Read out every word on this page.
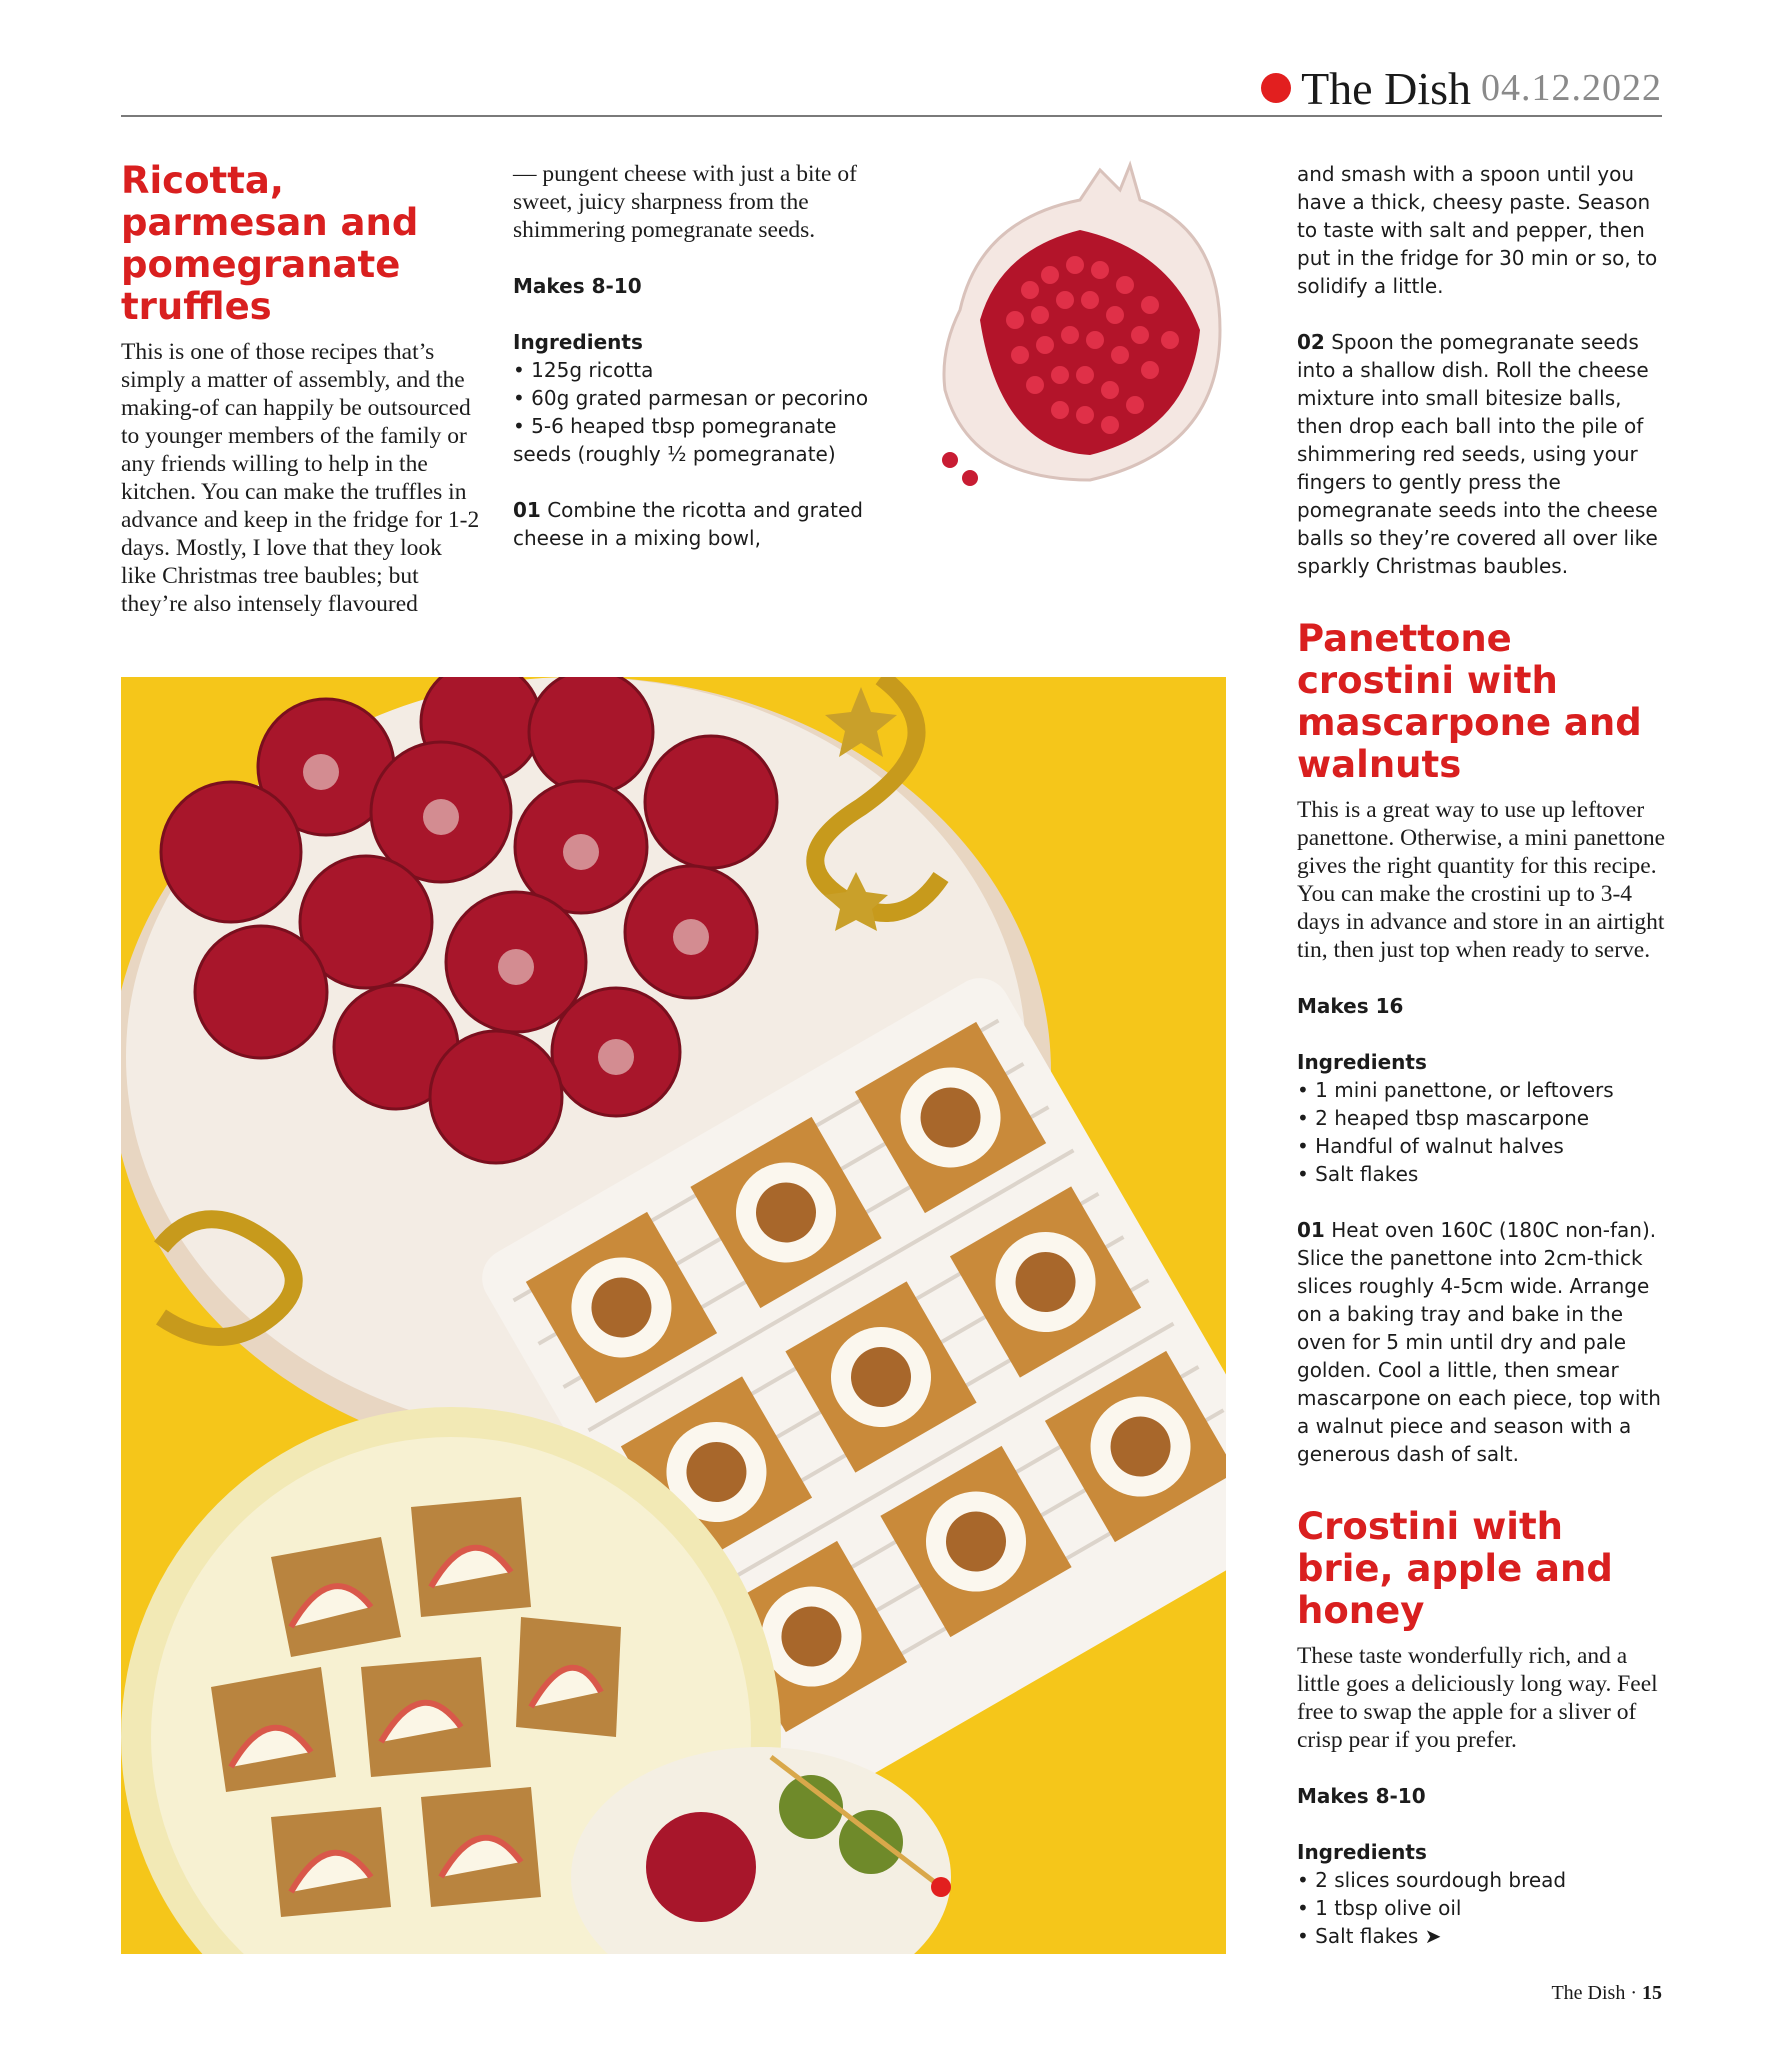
The Dish 04.12.2022
Ricotta, parmesan and pomegranate truffles

This is one of those recipes that’s simply a matter of assembly, and the making-of can happily be outsourced to younger members of the family or any friends willing to help in the kitchen. You can make the truffles in advance and keep in the fridge for 1-2 days. Mostly, I love that they look like Christmas tree baubles; but they’re also intensely flavoured

— pungent cheese with just a bite of sweet, juicy sharpness from the shimmering pomegranate seeds.

Makes 8-10

Ingredients

• 125g ricotta
• 60g grated parmesan or pecorino
• 5-6 heaped tbsp pomegranate seeds (roughly ½ pomegranate)

01 Combine the ricotta and grated cheese in a mixing bowl,

and smash with a spoon until you have a thick, cheesy paste. Season to taste with salt and pepper, then put in the fridge for 30 min or so, to solidify a little.

02 Spoon the pomegranate seeds into a shallow dish. Roll the cheese mixture into small bitesize balls, then drop each ball into the pile of shimmering red seeds, using your fingers to gently press the pomegranate seeds into the cheese balls so they’re covered all over like sparkly Christmas baubles.

Panettone crostini with mascarpone and walnuts

This is a great way to use up leftover panettone. Otherwise, a mini panettone gives the right quantity for this recipe. You can make the crostini up to 3-4 days in advance and store in an airtight tin, then just top when ready to serve.

Makes 16

Ingredients

• 1 mini panettone, or leftovers
• 2 heaped tbsp mascarpone
• Handful of walnut halves
• Salt flakes

01 Heat oven 160C (180C non-fan). Slice the panettone into 2cm-thick slices roughly 4-5cm wide. Arrange on a baking tray and bake in the oven for 5 min until dry and pale golden. Cool a little, then smear mascarpone on each piece, top with a walnut piece and season with a generous dash of salt.

Crostini with brie, apple and honey

These taste wonderfully rich, and a little goes a deliciously long way. Feel free to swap the apple for a sliver of crisp pear if you prefer.

Makes 8-10

Ingredients

• 2 slices sourdough bread
• 1 tbsp olive oil
• Salt flakes ➤

The Dish · 15
